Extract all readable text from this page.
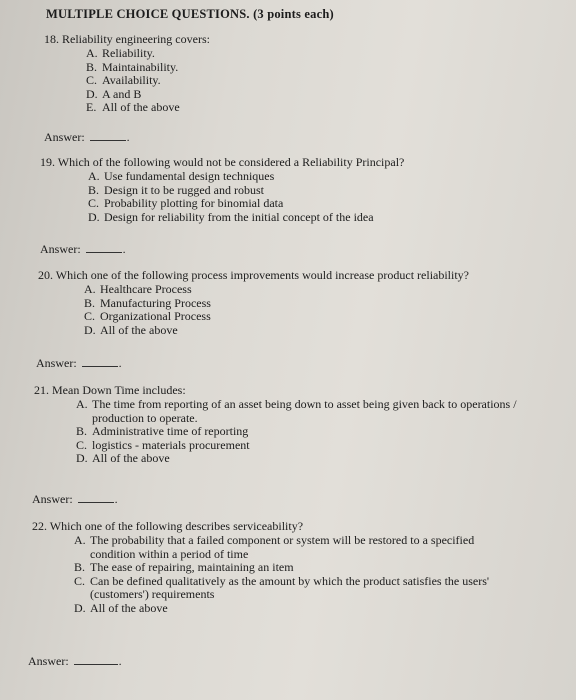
MULTIPLE CHOICE QUESTIONS. (3 points each)
18. Reliability engineering covers:
A. Reliability.
B. Maintainability.
C. Availability.
D. A and B
E. All of the above
Answer:	.
19. Which of the following would not be considered a Reliability Principal?
A. Use fundamental design techniques
B. Design it to be rugged and robust
C. Probability plotting for binomial data
D. Design for reliability from the initial concept of the idea
Answer:	.
20. Which one of the following process improvements would increase product reliability?
A. Healthcare Process
B. Manufacturing Process
C. Organizational Process
D. All of the above
Answer:	.
21. Mean Down Time includes:
A. The time from reporting of an asset being down to asset being given back to operations /
production to operate.
B. Administrative time of reporting
C. logistics - materials procurement
D. All of the above
Answer:	.
22. Which one of the following describes serviceability?
A. The probability that a failed component or system will be restored to a specified
condition within a period of time
B. The ease of repairing, maintaining an item
C. Can be defined qualitatively as the amount by which the product satisfies the users'
(customers') requirements
D. All of the above
Answer:	.
